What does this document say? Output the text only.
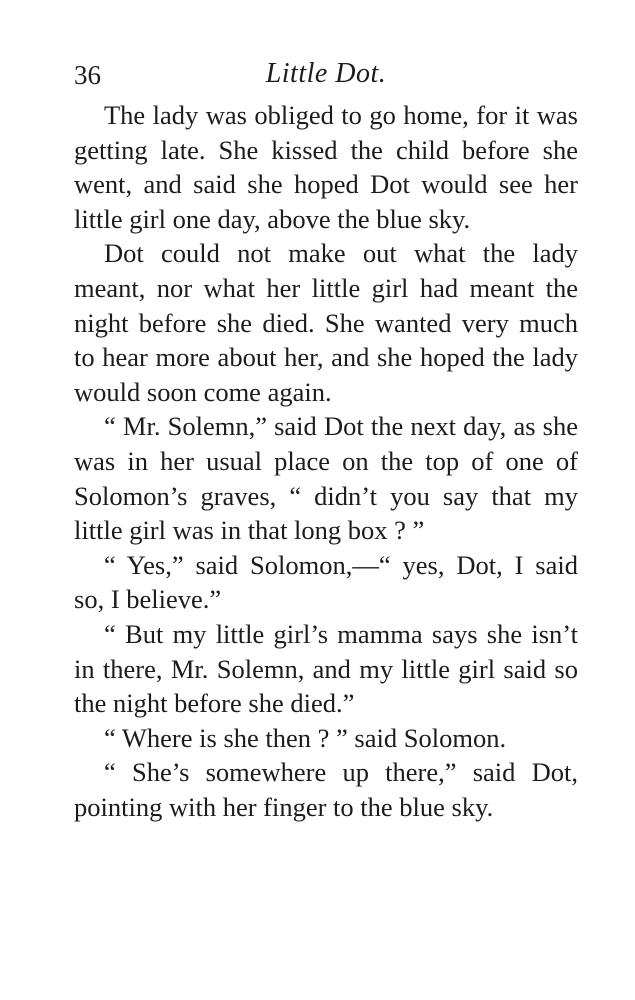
36	Little Dot.

The lady was obliged to go home, for it was getting late. She kissed the child before she went, and said she hoped Dot would see her little girl one day, above the blue sky.

Dot could not make out what the lady meant, nor what her little girl had meant the night before she died. She wanted very much to hear more about her, and she hoped the lady would soon come again.

“ Mr. Solemn,” said Dot the next day, as she was in her usual place on the top of one of Solomon’s graves, “ didn’t you say that my little girl was in that long box ? ”

“ Yes,” said Solomon,—“ yes, Dot, I said so, I believe.”

“ But my little girl’s mamma says she isn’t in there, Mr. Solemn, and my little girl said so the night before she died.”

“ Where is she then ? ” said Solomon.

“ She’s somewhere up there,” said Dot, pointing with her finger to the blue sky.
